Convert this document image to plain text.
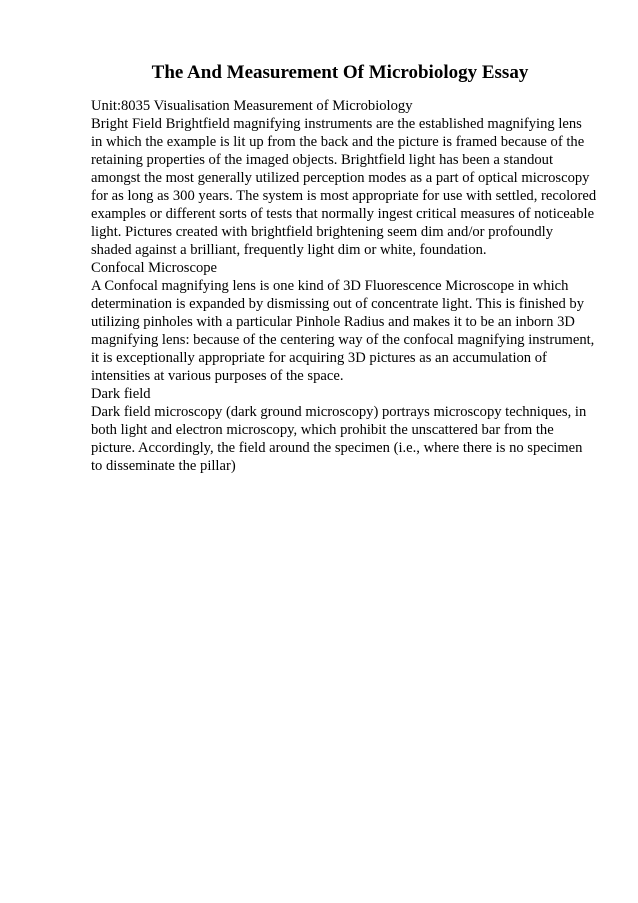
The And Measurement Of Microbiology Essay
Unit:8035 Visualisation Measurement of Microbiology
Bright Field Brightfield magnifying instruments are the established magnifying lens
in which the example is lit up from the back and the picture is framed because of the
retaining properties of the imaged objects. Brightfield light has been a standout
amongst the most generally utilized perception modes as a part of optical microscopy
for as long as 300 years. The system is most appropriate for use with settled, recolored
examples or different sorts of tests that normally ingest critical measures of noticeable
light. Pictures created with brightfield brightening seem dim and/or profoundly
shaded against a brilliant, frequently light dim or white, foundation.
Confocal Microscope
A Confocal magnifying lens is one kind of 3D Fluorescence Microscope in which
determination is expanded by dismissing out of concentrate light. This is finished by
utilizing pinholes with a particular Pinhole Radius and makes it to be an inborn 3D
magnifying lens: because of the centering way of the confocal magnifying instrument,
it is exceptionally appropriate for acquiring 3D pictures as an accumulation of
intensities at various purposes of the space.
Dark field
Dark field microscopy (dark ground microscopy) portrays microscopy techniques, in
both light and electron microscopy, which prohibit the unscattered bar from the
picture. Accordingly, the field around the specimen (i.e., where there is no specimen
to disseminate the pillar)
